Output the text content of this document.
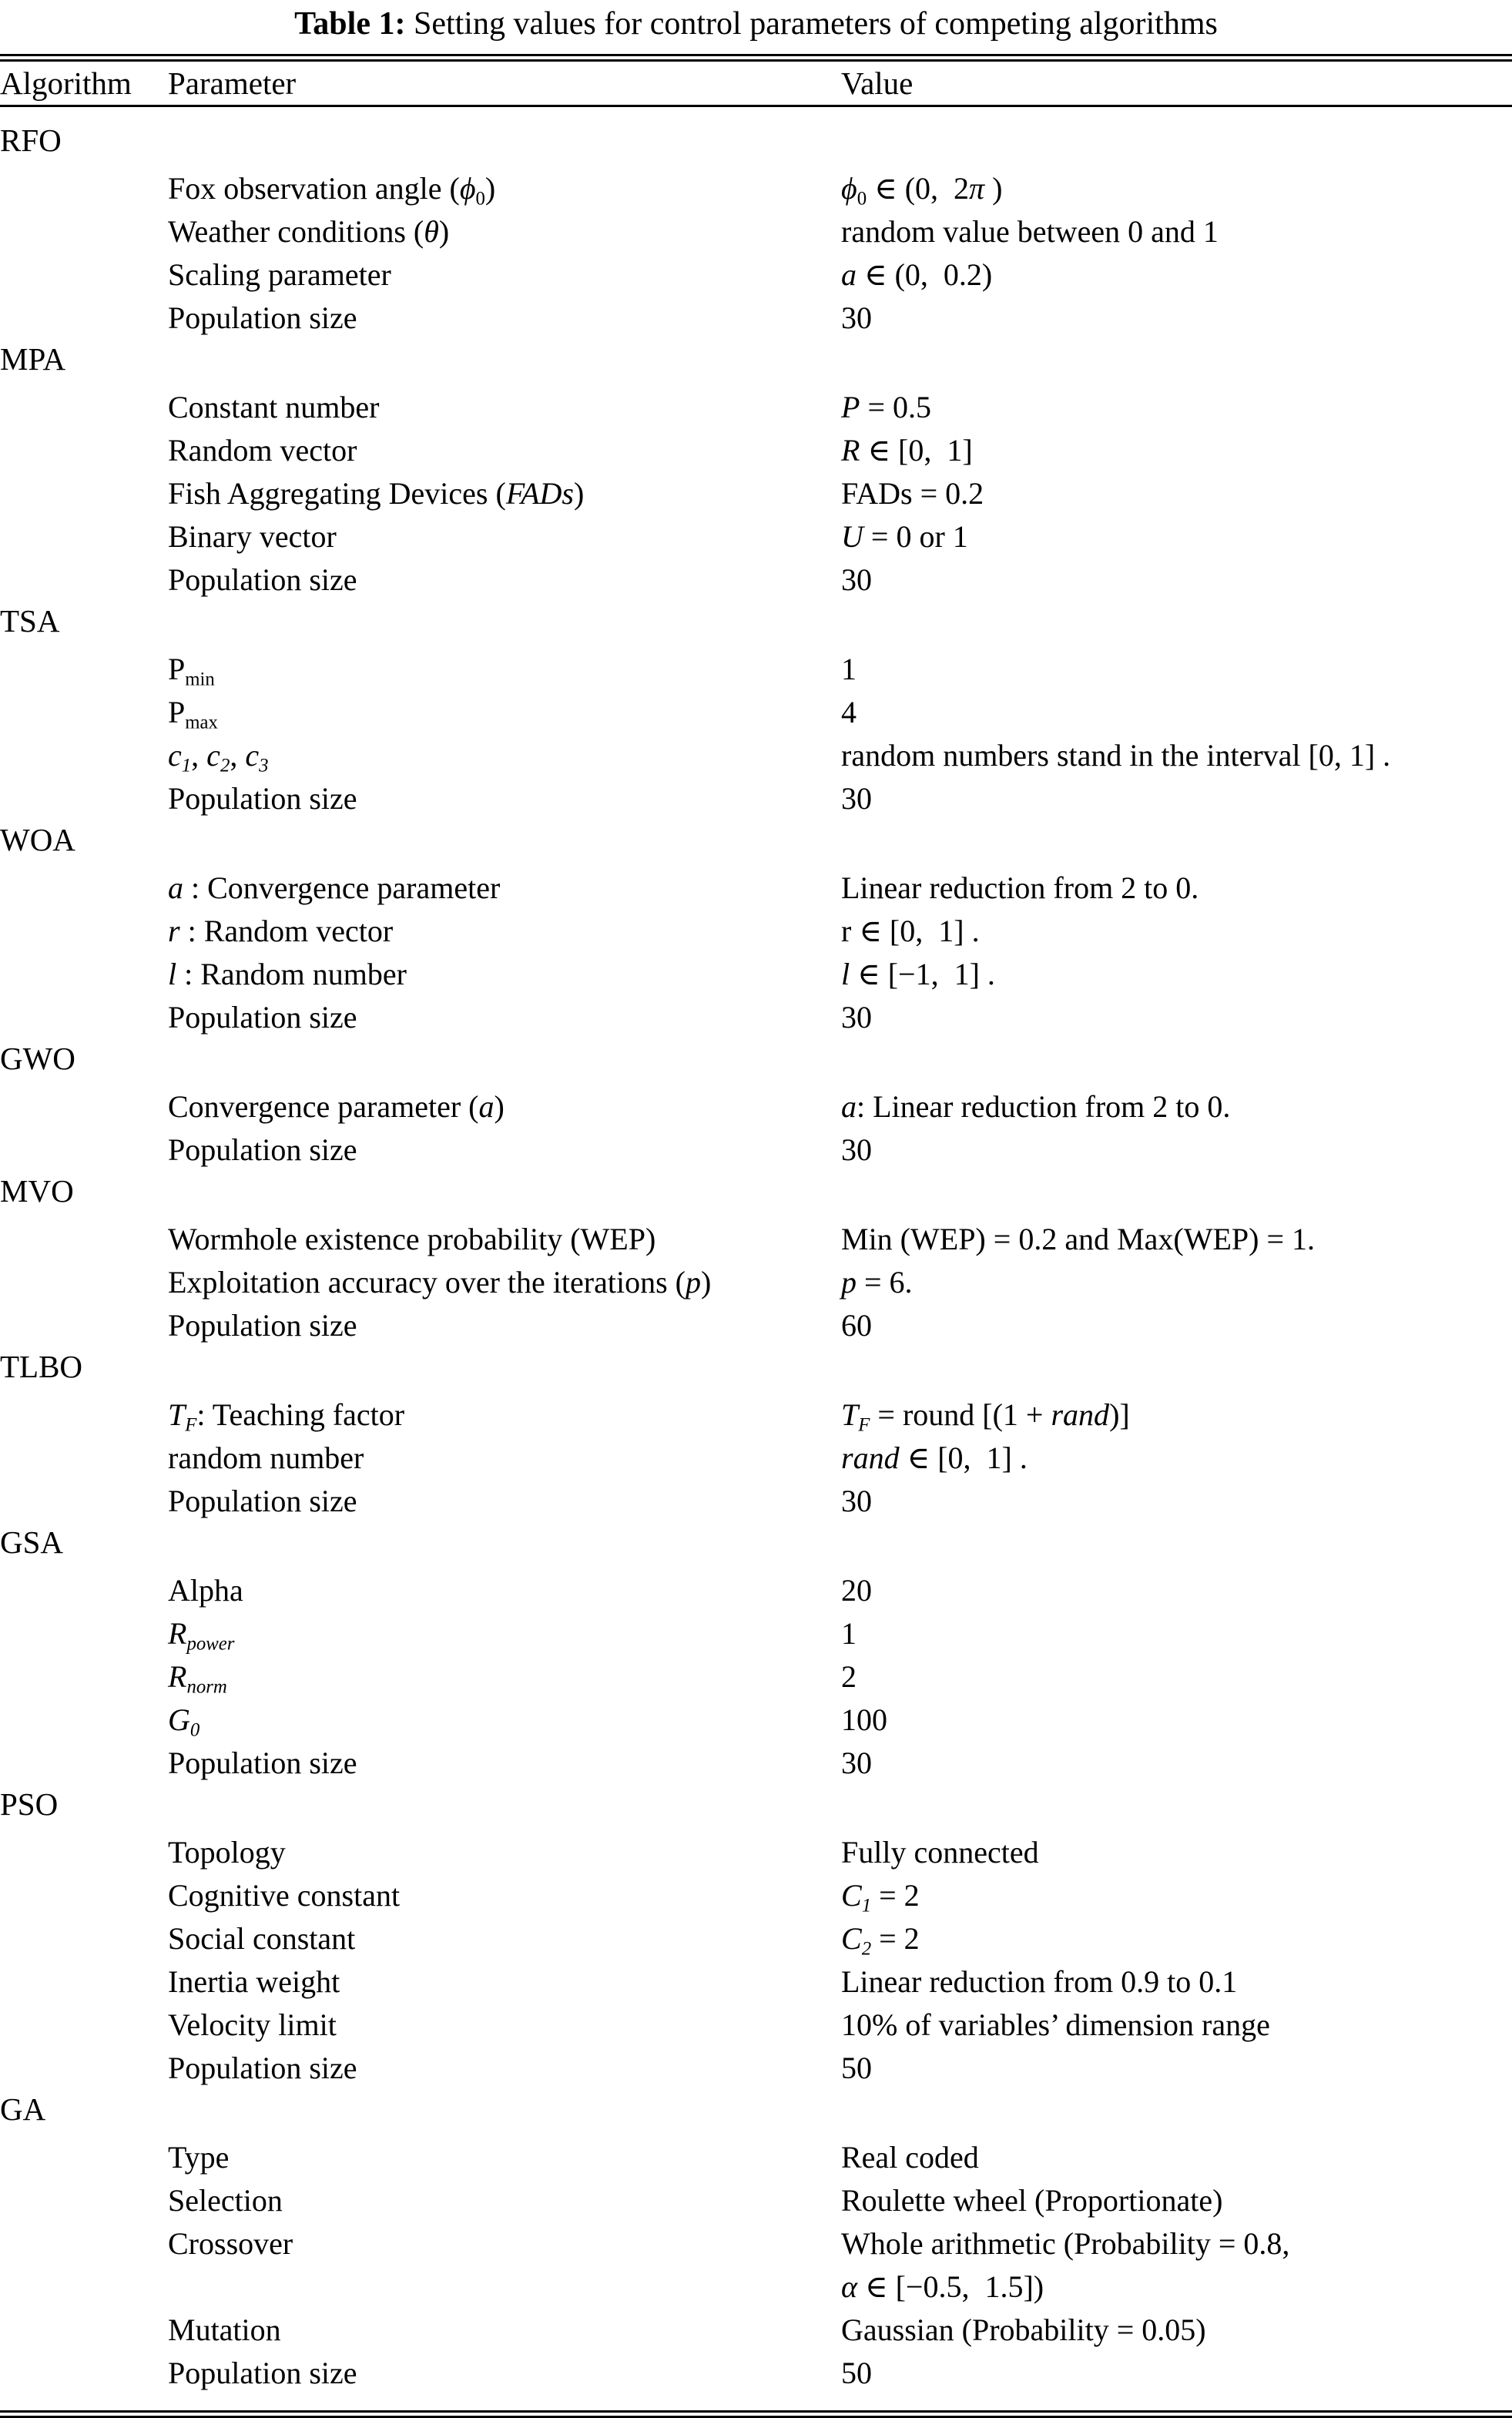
Table 1: Setting values for control parameters of competing algorithms
Algorithm	Parameter	Value
RFO		

	Fox observation angle $(\phi_0)$	$\phi_0$ ∈ (0,  2π )
	Weather conditions (θ)	random value between 0 and 1
	Scaling parameter	a ∈ (0,  0.2)
	Population size	30
MPA		

	Constant number	P = 0.5
	Random vector	R ∈ [0,  1]
	Fish Aggregating Devices (FADs)	FADs = 0.2
	Binary vector	U = 0 or 1
	Population size	30
TSA		

	$P_{min}$	1
	$P_{max}$	4
	$c_1$, $c_2$, $c_3$	random numbers stand in the interval [0, 1] .
	Population size	30
WOA		

	a : Convergence parameter	Linear reduction from 2 to 0.
	r : Random vector	r ∈ [0,  1] .
	l : Random number	l ∈ [−1,  1] .
	Population size	30
GWO		

	Convergence parameter (a)	a: Linear reduction from 2 to 0.
	Population size	30
MVO		

	Wormhole existence probability (WEP)	Min (WEP) = 0.2 and Max(WEP) = 1.
	Exploitation accuracy over the iterations (p)	p = 6.
	Population size	60
TLBO		

	$T_F$: Teaching factor	$T_F$ = round [(1 + rand)]
	random number	rand ∈ [0,  1] .
	Population size	30
GSA		

	Alpha	20
	$R_{power}$	1
	$R_{norm}$	2
	$G_0$	100
	Population size	30
PSO		

	Topology	Fully connected
	Cognitive constant	$C_1 = 2$
	Social constant	$C_2 = 2$
	Inertia weight	Linear reduction from 0.9 to 0.1
	Velocity limit	10% of variables’ dimension range
	Population size	50
GA		

	Type	Real coded
	Selection	Roulette wheel (Proportionate)
	Crossover	Whole arithmetic (Probability = 0.8,
α ∈ [−0.5,  1.5])

	Mutation	Gaussian (Probability = 0.05)
	Population size	50
